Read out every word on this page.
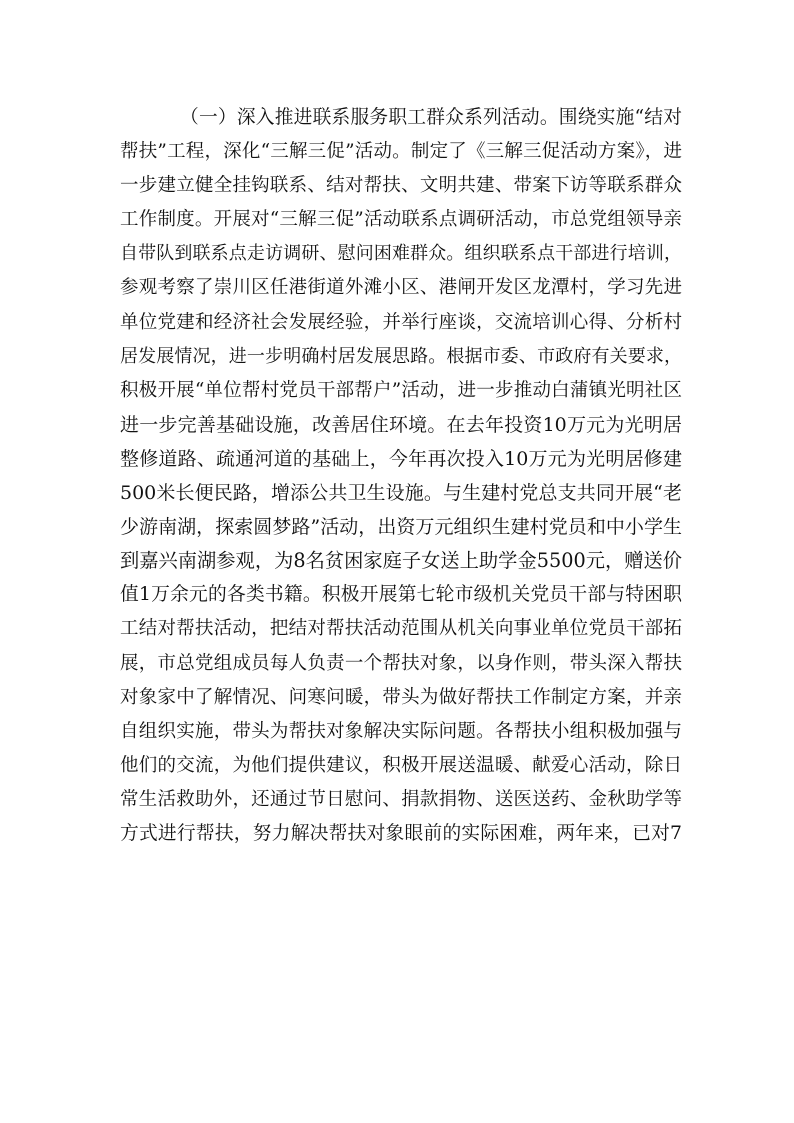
（一）深入推进联系服务职工群众系列活动。围绕实施“结对
帮扶”工程，深化“三解三促”活动。制定了《三解三促活动方案》，进
一步建立健全挂钩联系、结对帮扶、文明共建、带案下访等联系群众
工作制度。开展对“三解三促”活动联系点调研活动，市总党组领导亲
自带队到联系点走访调研、慰问困难群众。组织联系点干部进行培训，
参观考察了崇川区任港街道外滩小区、港闸开发区龙潭村，学习先进
单位党建和经济社会发展经验，并举行座谈，交流培训心得、分析村
居发展情况，进一步明确村居发展思路。根据市委、市政府有关要求，
积极开展“单位帮村党员干部帮户”活动，进一步推动白蒲镇光明社区
进一步完善基础设施，改善居住环境。在去年投资10万元为光明居
整修道路、疏通河道的基础上，今年再次投入10万元为光明居修建
500米长便民路，增添公共卫生设施。与生建村党总支共同开展“老
少游南湖，探索圆梦路”活动，出资万元组织生建村党员和中小学生
到嘉兴南湖参观，为8名贫困家庭子女送上助学金5500元，赠送价
值1万余元的各类书籍。积极开展第七轮市级机关党员干部与特困职
工结对帮扶活动，把结对帮扶活动范围从机关向事业单位党员干部拓
展，市总党组成员每人负责一个帮扶对象，以身作则，带头深入帮扶
对象家中了解情况、问寒问暖，带头为做好帮扶工作制定方案，并亲
自组织实施，带头为帮扶对象解决实际问题。各帮扶小组积极加强与
他们的交流，为他们提供建议，积极开展送温暖、献爱心活动，除日
常生活救助外，还通过节日慰问、捐款捐物、送医送药、金秋助学等
方式进行帮扶，努力解决帮扶对象眼前的实际困难，两年来，已对7
